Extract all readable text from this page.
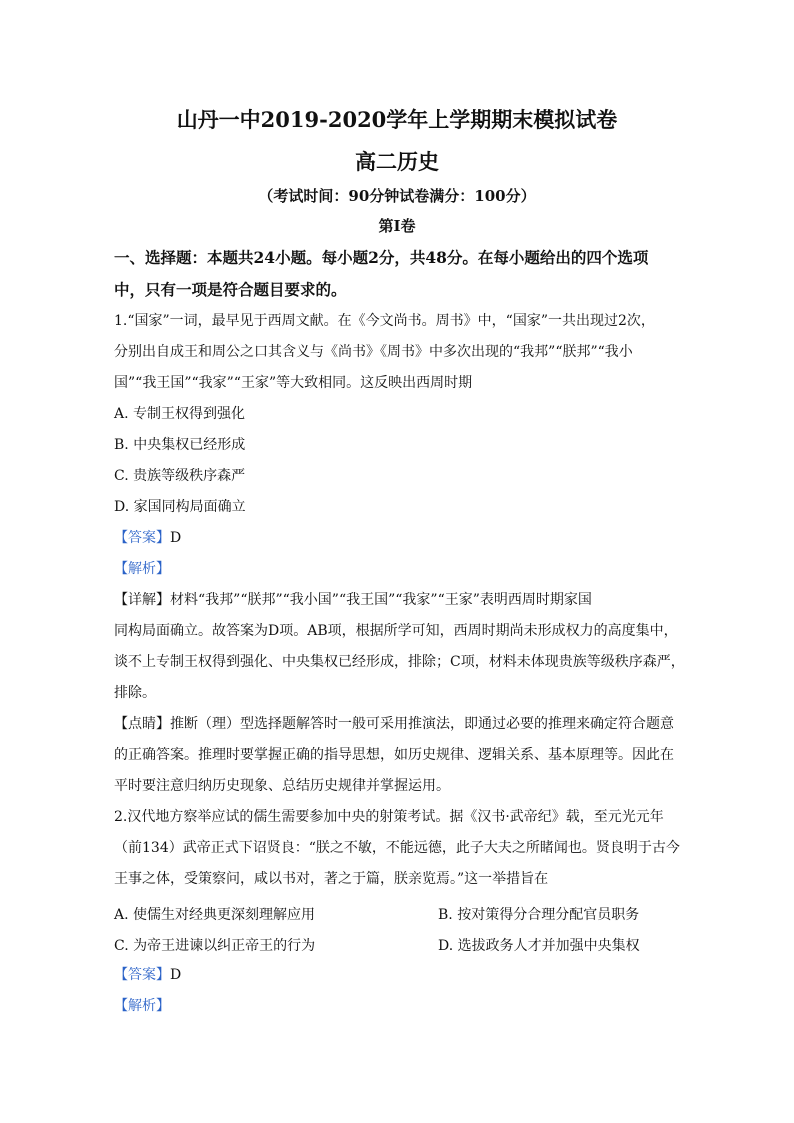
山丹一中2019-2020学年上学期期末模拟试卷
高二历史
（考试时间：90分钟试卷满分：100分）
第Ⅰ卷
一、选择题：本题共24小题。每小题2分，共48分。在每小题给出的四个选项
中，只有一项是符合题目要求的。
1.“国家”一词，最早见于西周文献。在《今文尚书。周书》中，“国家”一共出现过2次，
分别出自成王和周公之口其含义与《尚书》《周书》中多次出现的“我邦”“朕邦”“我小
国”“我王国”“我家”“王家”等大致相同。这反映出西周时期
A. 专制王权得到强化
B. 中央集权已经形成
C. 贵族等级秩序森严
D. 家国同构局面确立
【答案】D
【解析】
【详解】材料“我邦”“朕邦”“我小国”“我王国”“我家”“王家”表明西周时期家国
同构局面确立。故答案为D项。AB项，根据所学可知，西周时期尚未形成权力的高度集中，
谈不上专制王权得到强化、中央集权已经形成，排除；C项，材料未体现贵族等级秩序森严，
排除。
【点睛】推断（理）型选择题解答时一般可采用推演法，即通过必要的推理来确定符合题意
的正确答案。推理时要掌握正确的指导思想，如历史规律、逻辑关系、基本原理等。因此在
平时要注意归纳历史现象、总结历史规律并掌握运用。
2.汉代地方察举应试的儒生需要参加中央的射策考试。据《汉书·武帝纪》载，至元光元年
（前134）武帝正式下诏贤良：“朕之不敏，不能远德，此子大夫之所睹闻也。贤良明于古今
王事之体，受策察问，咸以书对，著之于篇，朕亲览焉。”这一举措旨在
A. 使儒生对经典更深刻理解应用	B. 按对策得分合理分配官员职务
C. 为帝王进谏以纠正帝王的行为	D. 选拔政务人才并加强中央集权
【答案】D
【解析】
